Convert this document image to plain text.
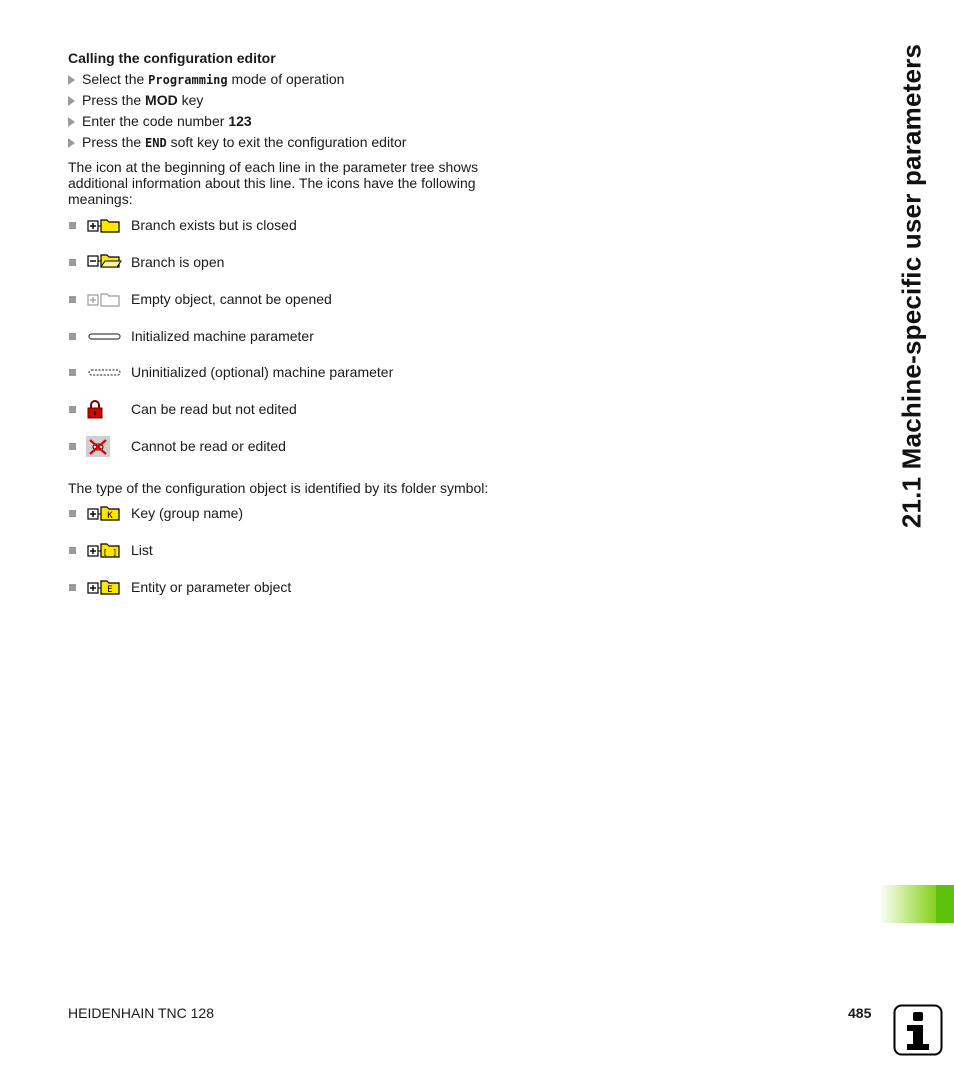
Calling the configuration editor
Select the Programming mode of operation
Press the MOD key
Enter the code number 123
Press the END soft key to exit the configuration editor
The icon at the beginning of each line in the parameter tree shows additional information about this line. The icons have the following meanings:
Branch exists but is closed
Branch is open
Empty object, cannot be opened
Initialized machine parameter
Uninitialized (optional) machine parameter
Can be read but not edited
Cannot be read or edited
The type of the configuration object is identified by its folder symbol:
K Key (group name)
[ ] List
E Entity or parameter object
21.1 Machine-specific user parameters
HEIDENHAIN TNC 128	485
